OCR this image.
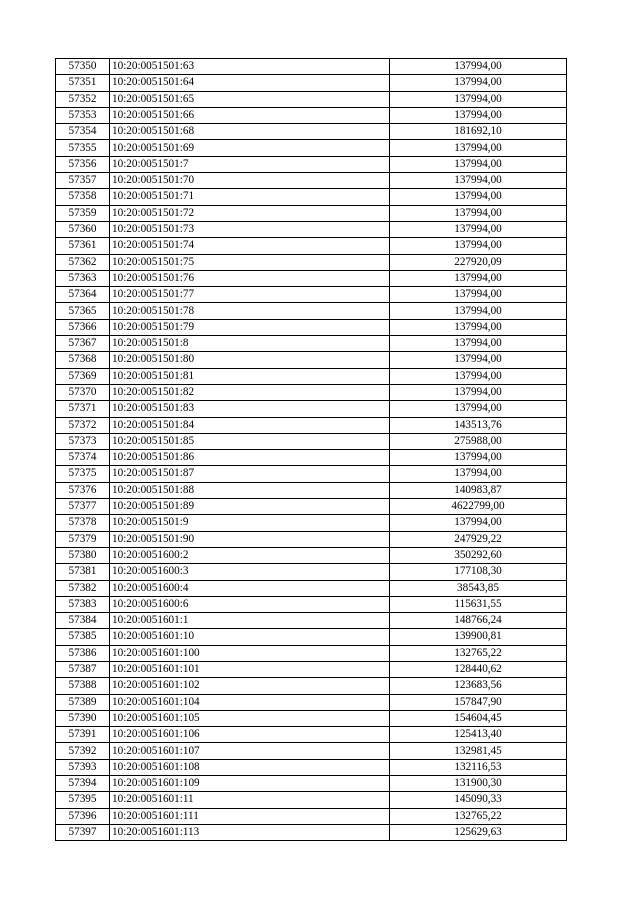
57350	10:20:0051501:63	137994,00
57351	10:20:0051501:64	137994,00
57352	10:20:0051501:65	137994,00
57353	10:20:0051501:66	137994,00
57354	10:20:0051501:68	181692,10
57355	10:20:0051501:69	137994,00
57356	10:20:0051501:7	137994,00
57357	10:20:0051501:70	137994,00
57358	10:20:0051501:71	137994,00
57359	10:20:0051501:72	137994,00
57360	10:20:0051501:73	137994,00
57361	10:20:0051501:74	137994,00
57362	10:20:0051501:75	227920,09
57363	10:20:0051501:76	137994,00
57364	10:20:0051501:77	137994,00
57365	10:20:0051501:78	137994,00
57366	10:20:0051501:79	137994,00
57367	10:20:0051501:8	137994,00
57368	10:20:0051501:80	137994,00
57369	10:20:0051501:81	137994,00
57370	10:20:0051501:82	137994,00
57371	10:20:0051501:83	137994,00
57372	10:20:0051501:84	143513,76
57373	10:20:0051501:85	275988,00
57374	10:20:0051501:86	137994,00
57375	10:20:0051501:87	137994,00
57376	10:20:0051501:88	140983,87
57377	10:20:0051501:89	4622799,00
57378	10:20:0051501:9	137994,00
57379	10:20:0051501:90	247929,22
57380	10:20:0051600:2	350292,60
57381	10:20:0051600:3	177108,30
57382	10:20:0051600:4	38543,85
57383	10:20:0051600:6	115631,55
57384	10:20:0051601:1	148766,24
57385	10:20:0051601:10	139900,81
57386	10:20:0051601:100	132765,22
57387	10:20:0051601:101	128440,62
57388	10:20:0051601:102	123683,56
57389	10:20:0051601:104	157847,90
57390	10:20:0051601:105	154604,45
57391	10:20:0051601:106	125413,40
57392	10:20:0051601:107	132981,45
57393	10:20:0051601:108	132116,53
57394	10:20:0051601:109	131900,30
57395	10:20:0051601:11	145090,33
57396	10:20:0051601:111	132765,22
57397	10:20:0051601:113	125629,63
